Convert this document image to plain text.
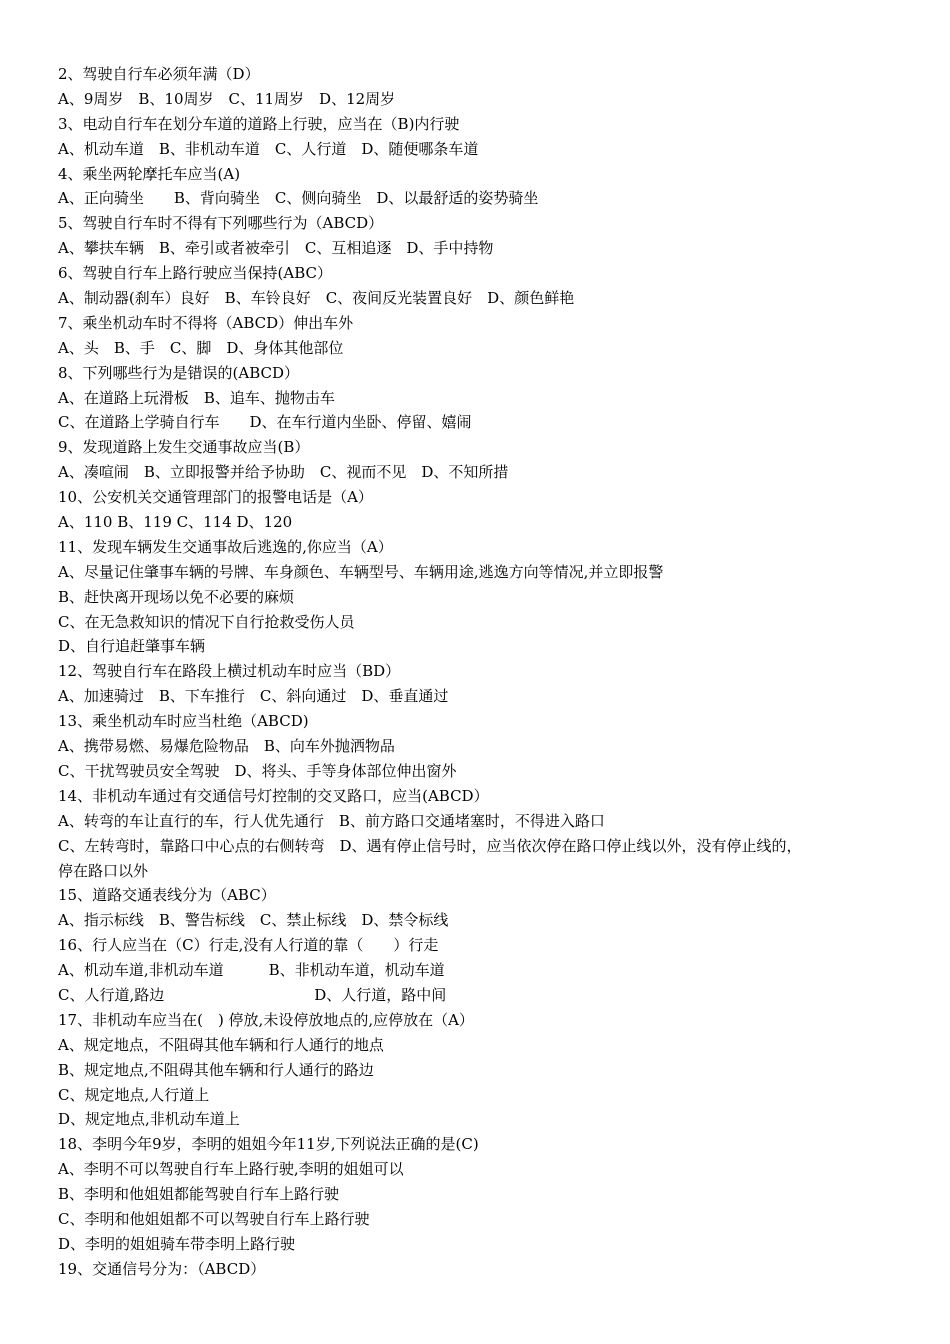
2、驾驶自行车必须年满（D）
A、9周岁　B、10周岁　C、11周岁　D、12周岁
3、电动自行车在划分车道的道路上行驶，应当在（B)内行驶
A、机动车道　B、非机动车道　C、人行道　D、随便哪条车道
4、乘坐两轮摩托车应当(A)
A、正向骑坐　　B、背向骑坐　C、侧向骑坐　D、以最舒适的姿势骑坐
5、驾驶自行车时不得有下列哪些行为（ABCD）
A、攀扶车辆　B、牵引或者被牵引　C、互相追逐　D、手中持物
6、驾驶自行车上路行驶应当保持(ABC）
A、制动器(刹车）良好　B、车铃良好　C、夜间反光装置良好　D、颜色鲜艳
7、乘坐机动车时不得将（ABCD）伸出车外
A、头　B、手　C、脚　D、身体其他部位
8、下列哪些行为是错误的(ABCD）
A、在道路上玩滑板　B、追车、抛物击车
C、在道路上学骑自行车　　D、在车行道内坐卧、停留、嬉闹
9、发现道路上发生交通事故应当(B）
A、凑喧闹　B、立即报警并给予协助　C、视而不见　D、不知所措
10、公安机关交通管理部门的报警电话是（A）
A、110 B、119 C、114 D、120
11、发现车辆发生交通事故后逃逸的,你应当（A）
A、尽量记住肇事车辆的号牌、车身颜色、车辆型号、车辆用途,逃逸方向等情况,并立即报警
B、赶快离开现场以免不必要的麻烦
C、在无急救知识的情况下自行抢救受伤人员
D、自行追赶肇事车辆
12、驾驶自行车在路段上横过机动车时应当（BD）
A、加速骑过　B、下车推行　C、斜向通过　D、垂直通过
13、乘坐机动车时应当杜绝（ABCD)
A、携带易燃、易爆危险物品　B、向车外抛洒物品
C、干扰驾驶员安全驾驶　D、将头、手等身体部位伸出窗外
14、非机动车通过有交通信号灯控制的交叉路口，应当(ABCD）
A、转弯的车让直行的车，行人优先通行　B、前方路口交通堵塞时，不得进入路口
C、左转弯时，靠路口中心点的右侧转弯　D、遇有停止信号时，应当依次停在路口停止线以外，没有停止线的，
停在路口以外
15、道路交通表线分为（ABC）
A、指示标线　B、警告标线　C、禁止标线　D、禁令标线
16、行人应当在（C）行走,没有人行道的靠（　　）行走
A、机动车道,非机动车道　　　B、非机动车道，机动车道
C、人行道,路边　　　　　　　　　　D、人行道，路中间
17、非机动车应当在(　) 停放,未设停放地点的,应停放在（A）
A、规定地点，不阻碍其他车辆和行人通行的地点
B、规定地点,不阻碍其他车辆和行人通行的路边
C、规定地点,人行道上
D、规定地点,非机动车道上
18、李明今年9岁，李明的姐姐今年11岁,下列说法正确的是(C)
A、李明不可以驾驶自行车上路行驶,李明的姐姐可以
B、李明和他姐姐都能驾驶自行车上路行驶
C、李明和他姐姐都不可以驾驶自行车上路行驶
D、李明的姐姐骑车带李明上路行驶
19、交通信号分为：（ABCD）
